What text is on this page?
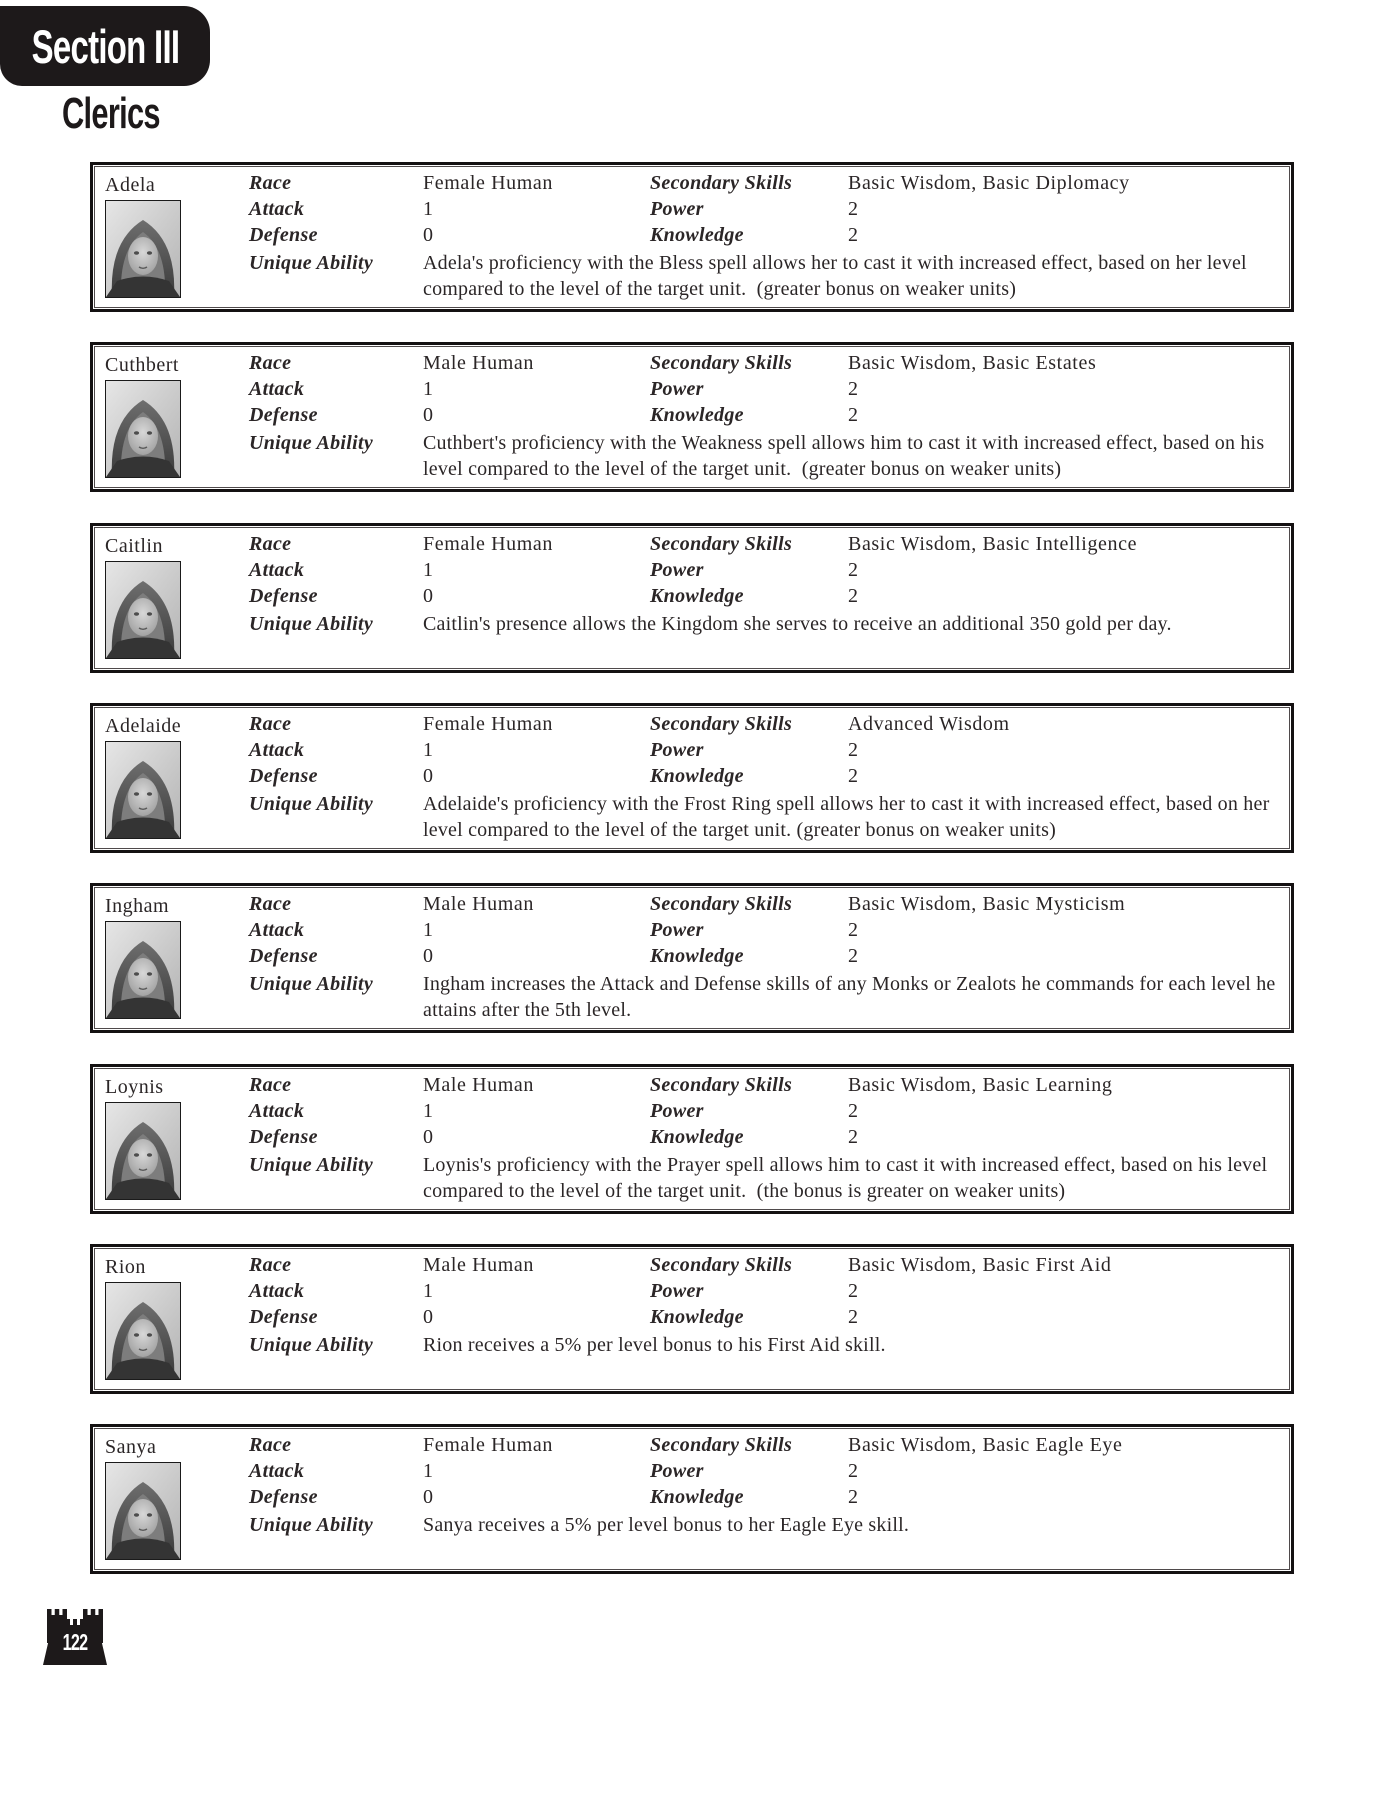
Section III
Clerics
Adela	Race	Female Human	Secondary Skills	Basic Wisdom, Basic Diplomacy
Attack	1	Power	2
Defense	0	Knowledge	2
Unique Ability	Adela's proficiency with the Bless spell allows her to cast it with increased effect, based on her level compared to the level of the target unit.  (greater bonus on weaker units)
Cuthbert	Race	Male Human	Secondary Skills	Basic Wisdom, Basic Estates
Attack	1	Power	2
Defense	0	Knowledge	2
Unique Ability	Cuthbert's proficiency with the Weakness spell allows him to cast it with increased effect, based on his level compared to the level of the target unit.  (greater bonus on weaker units)
Caitlin	Race	Female Human	Secondary Skills	Basic Wisdom, Basic Intelligence
Attack	1	Power	2
Defense	0	Knowledge	2
Unique Ability	Caitlin's presence allows the Kingdom she serves to receive an additional 350 gold per day.
Adelaide	Race	Female Human	Secondary Skills	Advanced Wisdom
Attack	1	Power	2
Defense	0	Knowledge	2
Unique Ability	Adelaide's proficiency with the Frost Ring spell allows her to cast it with increased effect, based on her level compared to the level of the target unit. (greater bonus on weaker units)
Ingham	Race	Male Human	Secondary Skills	Basic Wisdom, Basic Mysticism
Attack	1	Power	2
Defense	0	Knowledge	2
Unique Ability	Ingham increases the Attack and Defense skills of any Monks or Zealots he commands for each level he attains after the 5th level.
Loynis	Race	Male Human	Secondary Skills	Basic Wisdom, Basic Learning
Attack	1	Power	2
Defense	0	Knowledge	2
Unique Ability	Loynis's proficiency with the Prayer spell allows him to cast it with increased effect, based on his level compared to the level of the target unit.  (the bonus is greater on weaker units)
Rion	Race	Male Human	Secondary Skills	Basic Wisdom, Basic First Aid
Attack	1	Power	2
Defense	0	Knowledge	2
Unique Ability	Rion receives a 5% per level bonus to his First Aid skill.
Sanya	Race	Female Human	Secondary Skills	Basic Wisdom, Basic Eagle Eye
Attack	1	Power	2
Defense	0	Knowledge	2
Unique Ability	Sanya receives a 5% per level bonus to her Eagle Eye skill.
122
